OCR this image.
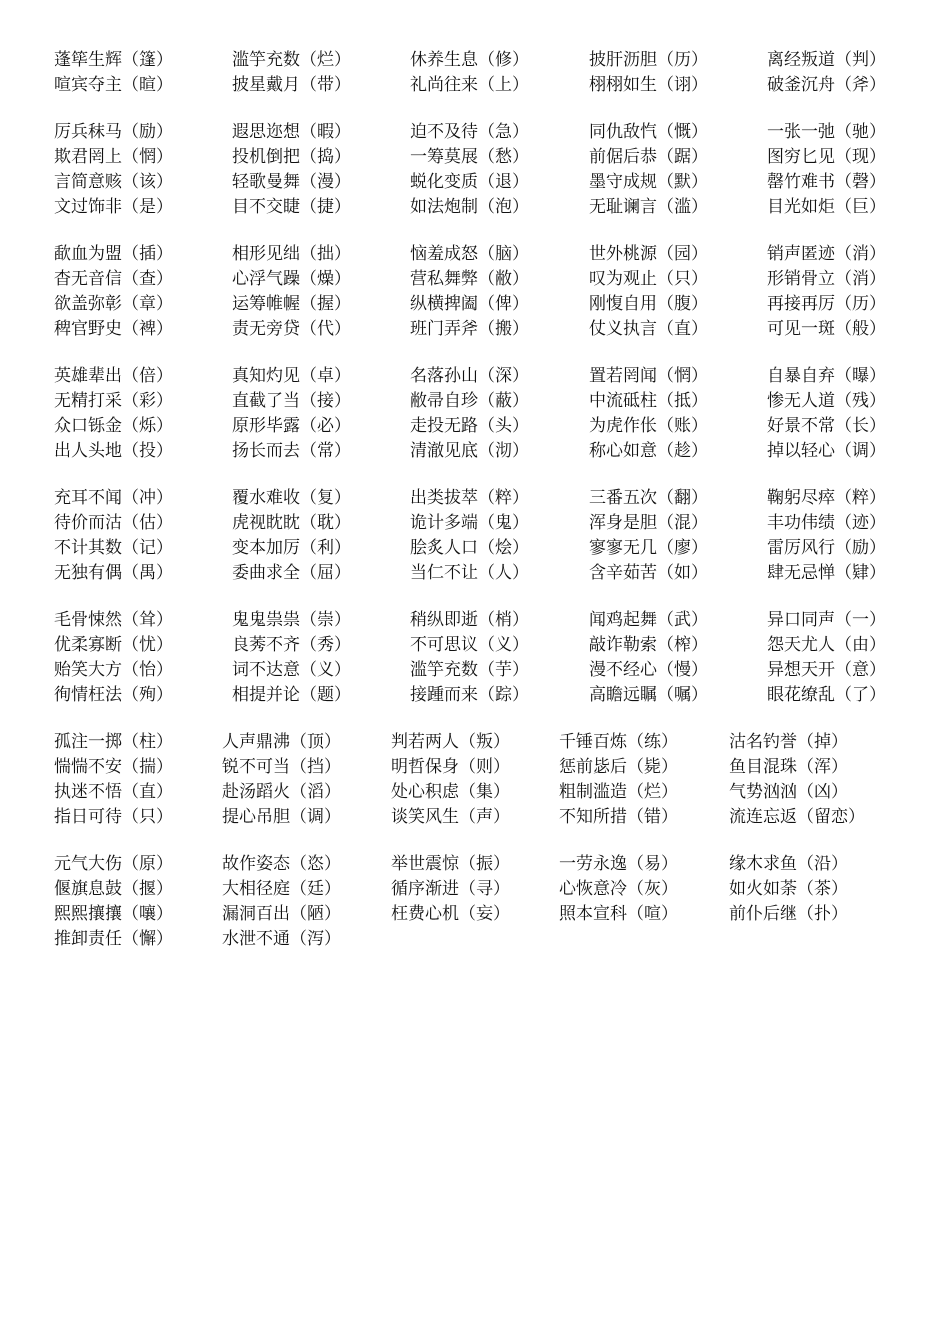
蓬筚生辉（篷）	滥竽充数（烂）	休养生息（修）	披肝沥胆（历）	离经叛道（判）
喧宾夺主（暄）	披星戴月（带）	礼尚往来（上）	栩栩如生（诩）	破釜沉舟（斧）
厉兵秣马（励）	遐思迩想（暇）	迫不及待（急）	同仇敌忾（慨）	一张一弛（驰）
欺君罔上（惘）	投机倒把（捣）	一筹莫展（愁）	前倨后恭（踞）	图穷匕见（现）
言简意赅（该）	轻歌曼舞（漫）	蜕化变质（退）	墨守成规（默）	罄竹难书（磬）
文过饰非（是）	目不交睫（捷）	如法炮制（泡）	无耻谰言（滥）	目光如炬（巨）
歃血为盟（插）	相形见绌（拙）	恼羞成怒（脑）	世外桃源（园）	销声匿迹（消）
杳无音信（查）	心浮气躁（燥）	营私舞弊（敝）	叹为观止（只）	形销骨立（消）
欲盖弥彰（章）	运筹帷幄（握）	纵横捭阖（俾）	刚愎自用（腹）	再接再厉（历）
稗官野史（裨）	责无旁贷（代）	班门弄斧（搬）	仗义执言（直）	可见一斑（般）
英雄辈出（倍）	真知灼见（卓）	名落孙山（深）	置若罔闻（惘）	自暴自弃（曝）
无精打采（彩）	直截了当（接）	敝帚自珍（蔽）	中流砥柱（抵）	惨无人道（残）
众口铄金（烁）	原形毕露（必）	走投无路（头）	为虎作伥（账）	好景不常（长）
出人头地（投）	扬长而去（常）	清澈见底（沏）	称心如意（趁）	掉以轻心（调）
充耳不闻（冲）	覆水难收（复）	出类拔萃（粹）	三番五次（翻）	鞠躬尽瘁（粹）
待价而沽（估）	虎视眈眈（耽）	诡计多端（鬼）	浑身是胆（混）	丰功伟绩（迹）
不计其数（记）	变本加厉（利）	脍炙人口（烩）	寥寥无几（廖）	雷厉风行（励）
无独有偶（禺）	委曲求全（屈）	当仁不让（人）	含辛茹苦（如）	肆无忌惮（肄）
毛骨悚然（耸）	鬼鬼祟祟（崇）	稍纵即逝（梢）	闻鸡起舞（武）	异口同声（一）
优柔寡断（忧）	良莠不齐（秀）	不可思议（义）	敲诈勒索（榨）	怨天尤人（由）
贻笑大方（怡）	词不达意（义）	滥竽充数（芋）	漫不经心（慢）	异想天开（意）
徇情枉法（殉）	相提并论（题）	接踵而来（踪）	高瞻远瞩（嘱）	眼花缭乱（了）
孤注一掷（柱）	人声鼎沸（顶）	判若两人（叛）	千锤百炼（练）	沽名钓誉（掉）
惴惴不安（揣）	锐不可当（挡）	明哲保身（则）	惩前毖后（毙）	鱼目混珠（浑）
执迷不悟（直）	赴汤蹈火（滔）	处心积虑（集）	粗制滥造（烂）	气势汹汹（凶）
指日可待（只）	提心吊胆（调）	谈笑风生（声）	不知所措（错）	流连忘返（留恋）
元气大伤（原）	故作姿态（恣）	举世震惊（振）	一劳永逸（易）	缘木求鱼（沿）
偃旗息鼓（揠）	大相径庭（廷）	循序渐进（寻）	心恢意冷（灰）	如火如荼（茶）
熙熙攘攘（嚷）	漏洞百出（陋）	枉费心机（妄）	照本宣科（喧）	前仆后继（扑）
推卸责任（懈）	水泄不通（泻）
